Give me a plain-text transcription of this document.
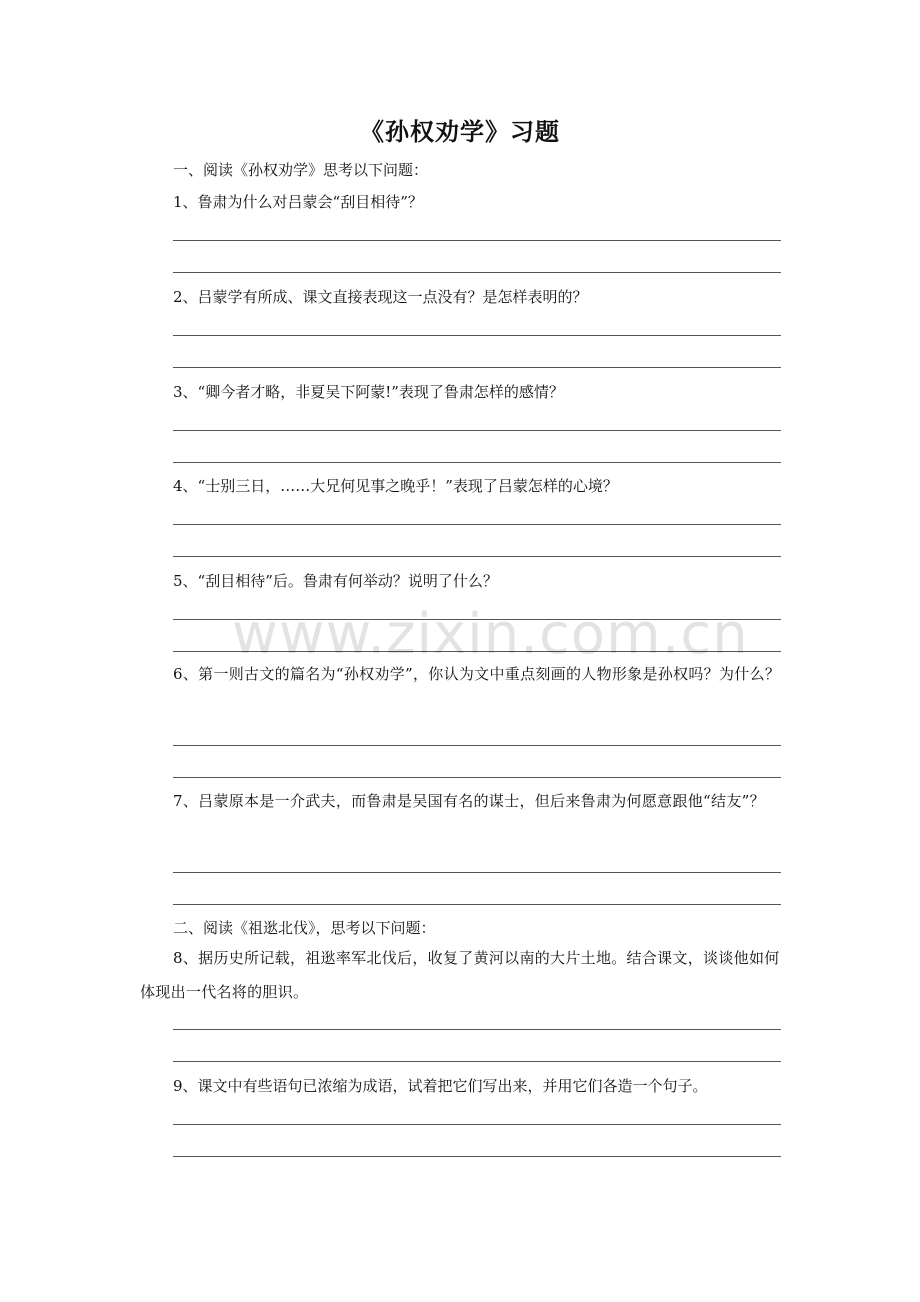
《孙权劝学》习题
一、阅读《孙权劝学》思考以下问题：
1、鲁肃为什么对吕蒙会“刮目相待”？
2、吕蒙学有所成、课文直接表现这一点没有？是怎样表明的？
3、“卿今者才略，非夏吴下阿蒙!”表现了鲁肃怎样的感情？
4、“士别三日，……大兄何见事之晚乎！”表现了吕蒙怎样的心境？
5、“刮目相待”后。鲁肃有何举动？说明了什么？
6、第一则古文的篇名为“孙权劝学”，你认为文中重点刻画的人物形象是孙权吗？为什么？
7、吕蒙原本是一介武夫，而鲁肃是吴国有名的谋士，但后来鲁肃为何愿意跟他“结友”？
二、阅读《祖逖北伐》，思考以下问题：
8、据历史所记载，祖逖率军北伐后，收复了黄河以南的大片土地。结合课文，谈谈他如何体现出一代名将的胆识。
9、课文中有些语句已浓缩为成语，试着把它们写出来，并用它们各造一个句子。
www.zixin.com.cn
